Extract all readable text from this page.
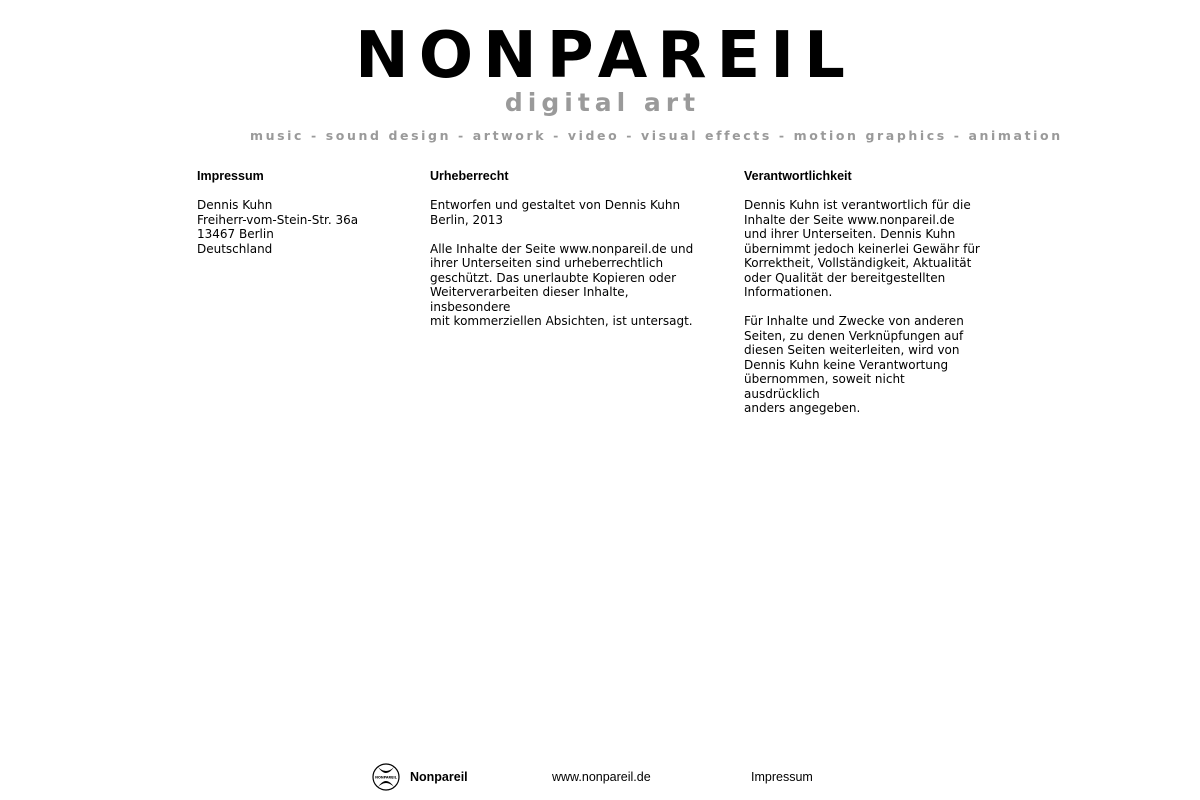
NONPAREIL
digital art
music - sound design - artwork - video - visual effects - motion graphics - animation
Impressum

Dennis Kuhn
Freiherr-vom-Stein-Str. 36a
13467 Berlin
Deutschland

Urheberrecht

Entworfen und gestaltet von Dennis Kuhn
Berlin, 2013

Alle Inhalte der Seite www.nonpareil.de und
ihrer Unterseiten sind urheberrechtlich
geschützt. Das unerlaubte Kopieren oder
Weiterverarbeiten dieser Inhalte, insbesondere
mit kommerziellen Absichten, ist untersagt.

Verantwortlichkeit

Dennis Kuhn ist verantwortlich für die
Inhalte der Seite www.nonpareil.de
und ihrer Unterseiten. Dennis Kuhn
übernimmt jedoch keinerlei Gewähr für
Korrektheit, Vollständigkeit, Aktualität
oder Qualität der bereitgestellten
Informationen.

Für Inhalte und Zwecke von anderen
Seiten, zu denen Verknüpfungen auf
diesen Seiten weiterleiten, wird von
Dennis Kuhn keine Verantwortung
übernommen, soweit nicht ausdrücklich
anders angegeben.

NONPAREIL Nonpareil	www.nonpareil.de	Impressum
